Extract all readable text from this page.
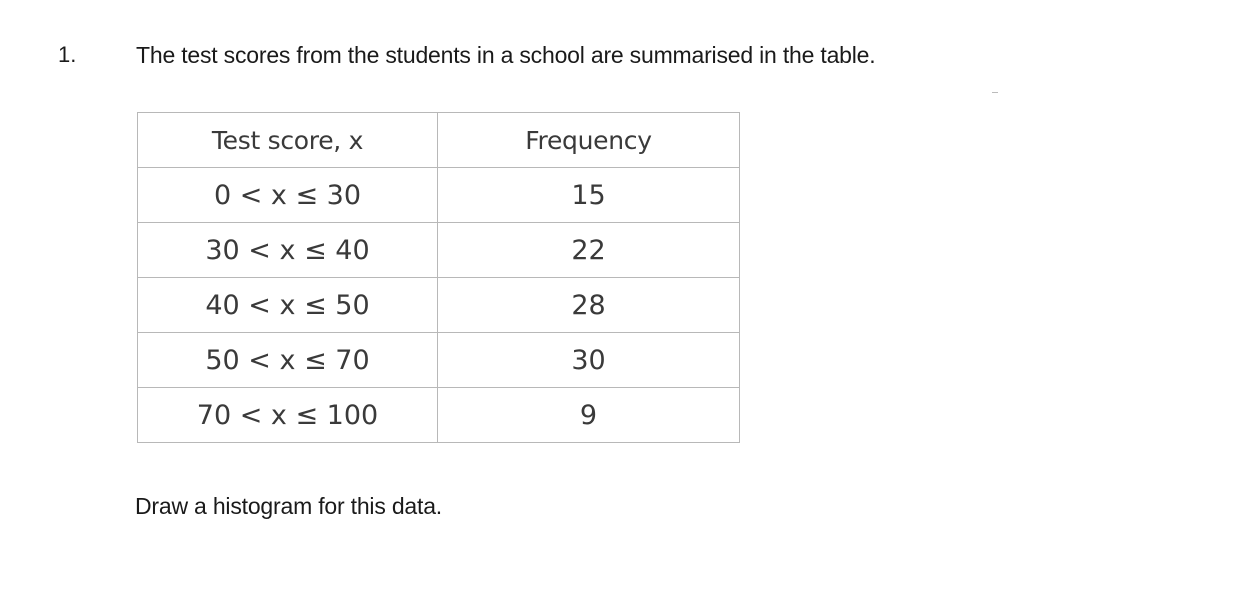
1.	The test scores from the students in a school are summarised in the table.
Test score, x	Frequency
0 < x ≤ 30	15
30 < x ≤ 40	22
40 < x ≤ 50	28
50 < x ≤ 70	30
70 < x ≤ 100	9
Draw a histogram for this data.
